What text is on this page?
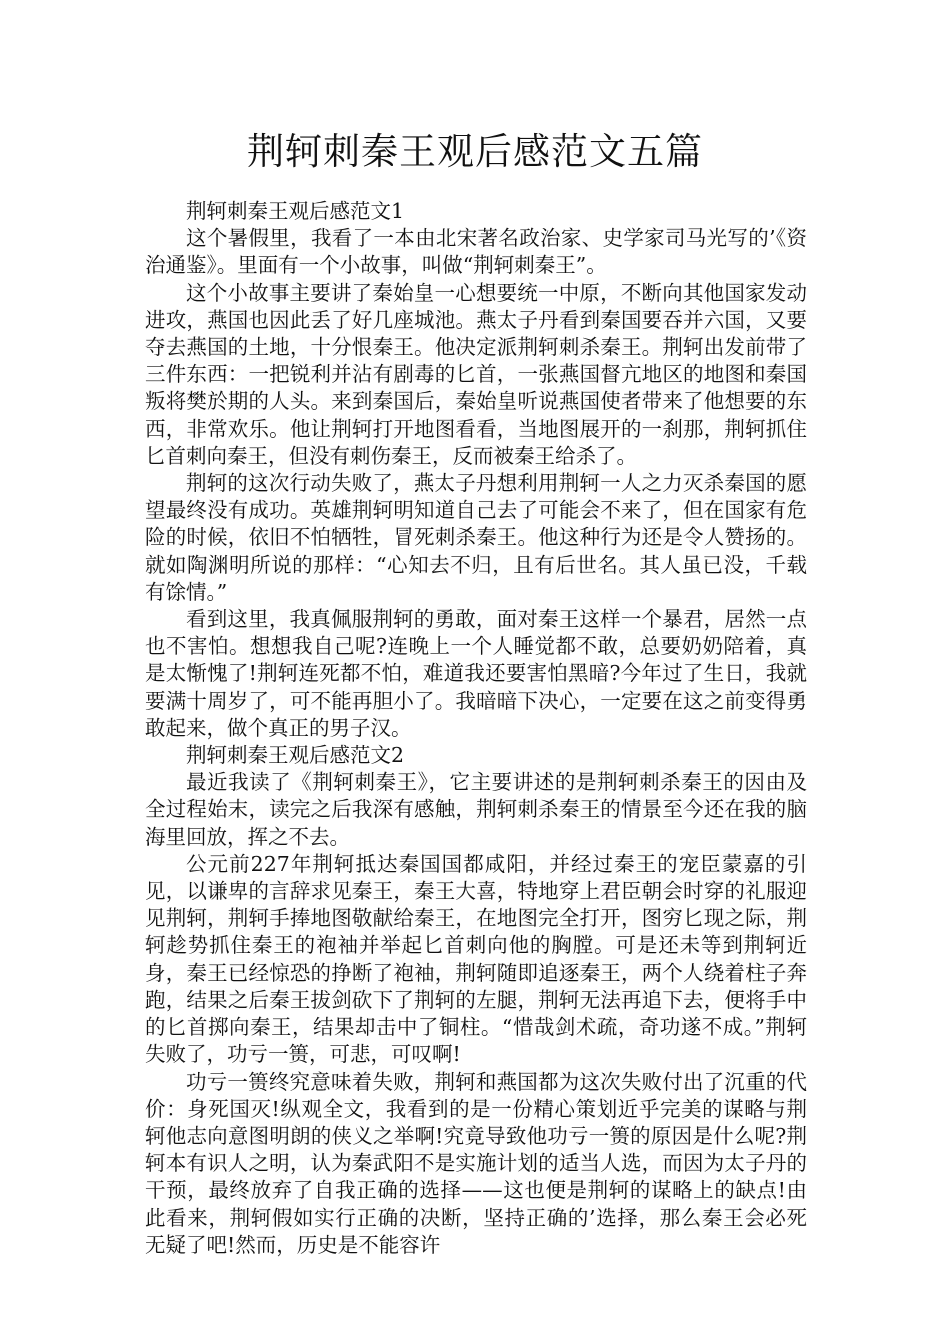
荆轲刺秦王观后感范文五篇

荆轲刺秦王观后感范文1

这个暑假里，我看了一本由北宋著名政治家、史学家司马光写的’《资治通鉴》。里面有一个小故事，叫做“荆轲刺秦王”。

这个小故事主要讲了秦始皇一心想要统一中原，不断向其他国家发动进攻，燕国也因此丢了好几座城池。燕太子丹看到秦国要吞并六国，又要夺去燕国的土地，十分恨秦王。他决定派荆轲刺杀秦王。荆轲出发前带了三件东西：一把锐利并沾有剧毒的匕首，一张燕国督亢地区的地图和秦国叛将樊於期的人头。来到秦国后，秦始皇听说燕国使者带来了他想要的东西，非常欢乐。他让荆轲打开地图看看，当地图展开的一刹那，荆轲抓住匕首刺向秦王，但没有刺伤秦王，反而被秦王给杀了。

荆轲的这次行动失败了，燕太子丹想利用荆轲一人之力灭杀秦国的愿望最终没有成功。英雄荆轲明知道自己去了可能会不来了，但在国家有危险的时候，依旧不怕牺牲，冒死刺杀秦王。他这种行为还是令人赞扬的。就如陶渊明所说的那样：“心知去不归，且有后世名。其人虽已没，千载有馀情。”

看到这里，我真佩服荆轲的勇敢，面对秦王这样一个暴君，居然一点也不害怕。想想我自己呢?连晚上一个人睡觉都不敢，总要奶奶陪着，真是太惭愧了!荆轲连死都不怕，难道我还要害怕黑暗?今年过了生日，我就要满十周岁了，可不能再胆小了。我暗暗下决心，一定要在这之前变得勇敢起来，做个真正的男子汉。

荆轲刺秦王观后感范文2

最近我读了《荆轲刺秦王》，它主要讲述的是荆轲刺杀秦王的因由及全过程始末，读完之后我深有感触，荆轲刺杀秦王的情景至今还在我的脑海里回放，挥之不去。

公元前227年荆轲抵达秦国国都咸阳，并经过秦王的宠臣蒙嘉的引见，以谦卑的言辞求见秦王，秦王大喜，特地穿上君臣朝会时穿的礼服迎见荆轲，荆轲手捧地图敬献给秦王，在地图完全打开，图穷匕现之际，荆轲趁势抓住秦王的袍袖并举起匕首刺向他的胸膛。可是还未等到荆轲近身，秦王已经惊恐的挣断了袍袖，荆轲随即追逐秦王，两个人绕着柱子奔跑，结果之后秦王拔剑砍下了荆轲的左腿，荆轲无法再追下去，便将手中的匕首掷向秦王，结果却击中了铜柱。“惜哉剑术疏，奇功遂不成。”荆轲失败了，功亏一篑，可悲，可叹啊!

功亏一篑终究意味着失败，荆轲和燕国都为这次失败付出了沉重的代价：身死国灭!纵观全文，我看到的是一份精心策划近乎完美的谋略与荆轲他志向意图明朗的侠义之举啊!究竟导致他功亏一篑的原因是什么呢?荆轲本有识人之明，认为秦武阳不是实施计划的适当人选，而因为太子丹的干预，最终放弃了自我正确的选择——这也便是荆轲的谋略上的缺点!由此看来，荆轲假如实行正确的决断，坚持正确的’选择，那么秦王会必死无疑了吧!然而，历史是不能容许
